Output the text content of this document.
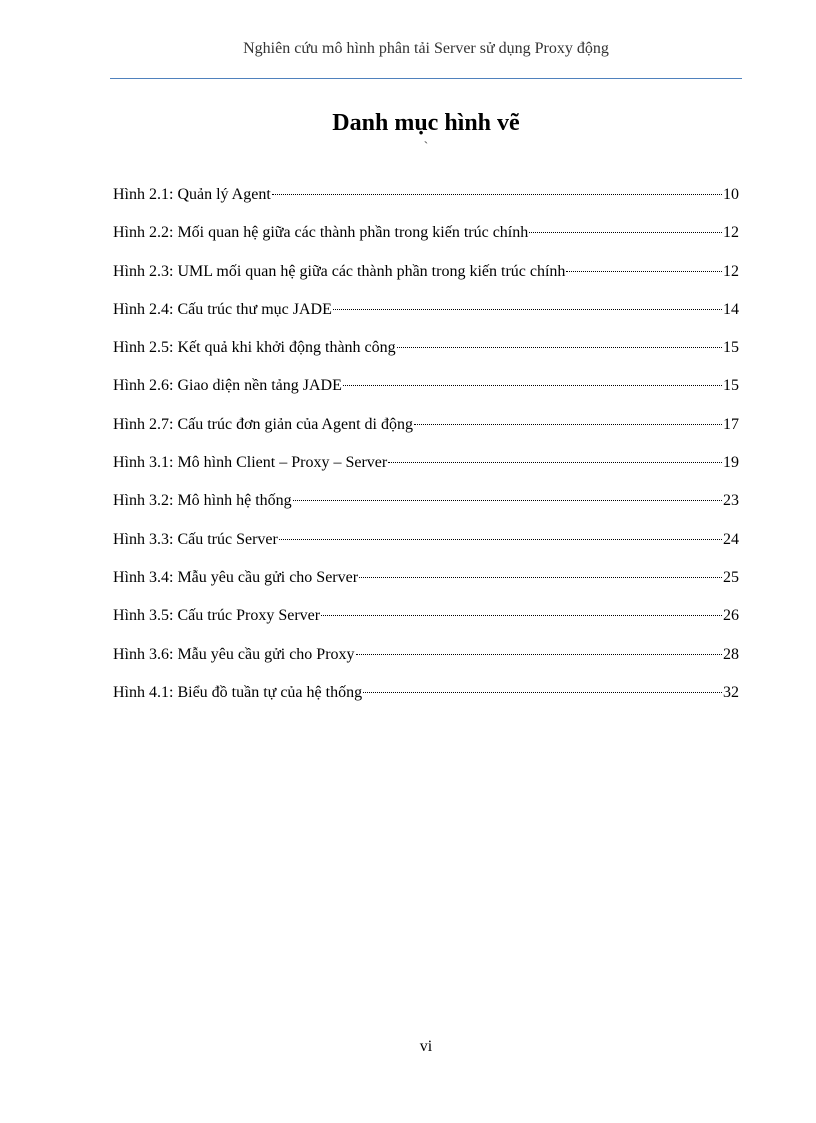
Nghiên cứu mô hình phân tải Server sử dụng Proxy động
Danh mục hình vẽ
`
Hình 2.1: Quản lý Agent	10
Hình 2.2: Mối quan hệ giữa các thành phần trong kiến trúc chính	12
Hình 2.3: UML mối quan hệ giữa các thành phần trong kiến trúc chính	12
Hình 2.4: Cấu trúc thư mục JADE	14
Hình 2.5: Kết quả khi khởi động thành công	15
Hình 2.6: Giao diện nền tảng JADE	15
Hình 2.7: Cấu trúc đơn giản của Agent di động	17
Hình 3.1: Mô hình Client – Proxy – Server	19
Hình 3.2: Mô hình hệ thống	23
Hình 3.3: Cấu trúc Server	24
Hình 3.4: Mẫu yêu cầu gửi cho Server	25
Hình 3.5: Cấu trúc Proxy Server	26
Hình 3.6: Mẫu yêu cầu gửi cho Proxy	28
Hình 4.1: Biểu đồ tuần tự của hệ thống	32
vi
